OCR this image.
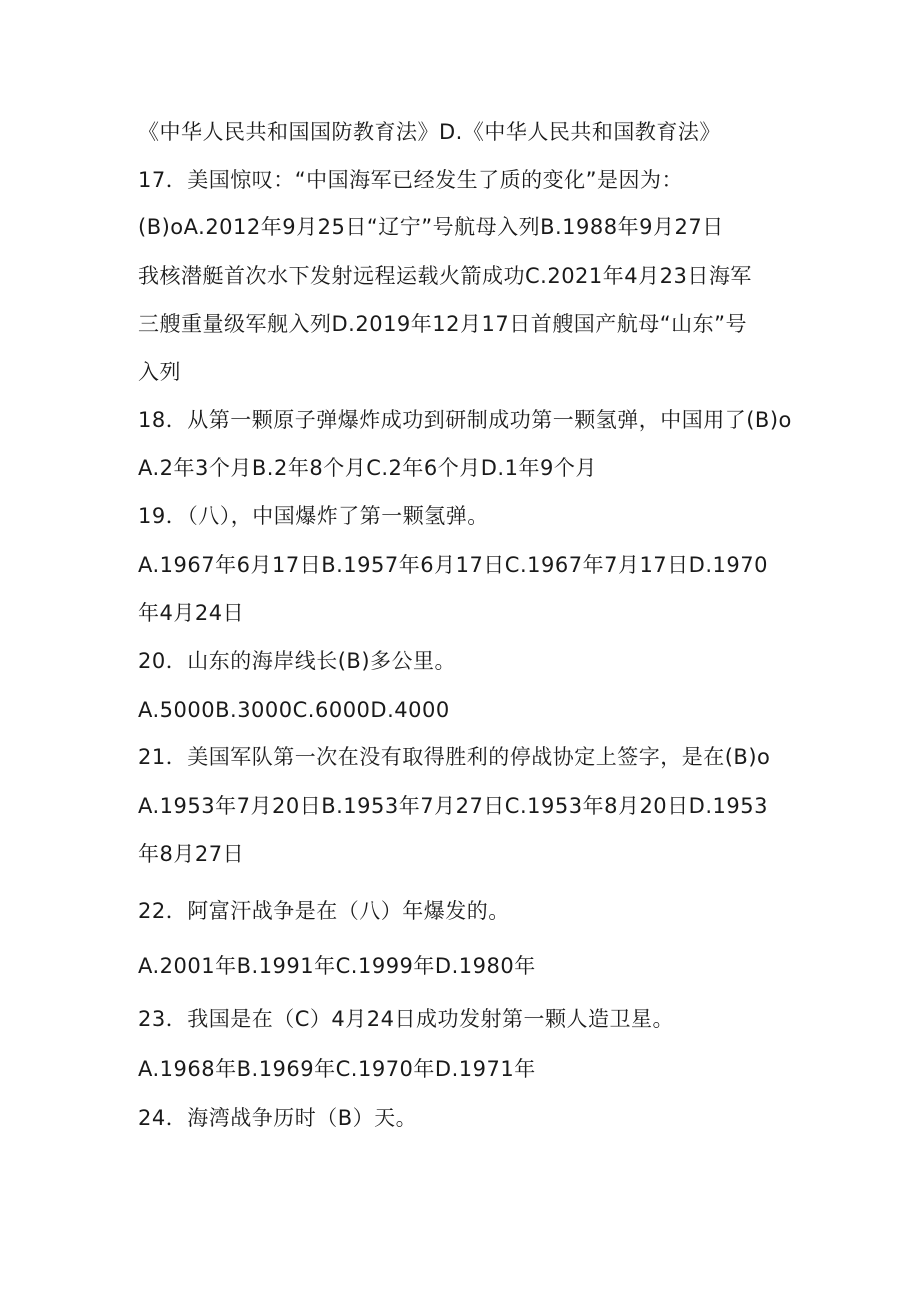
《中华人民共和国国防教育法》D.《中华人民共和国教育法》
17．美国惊叹：“中国海军已经发生了质的变化”是因为：
(B)oA.2012年9月25日“辽宁”号航母入列B.1988年9月27日
我核潜艇首次水下发射远程运载火箭成功C.2021年4月23日海军
三艘重量级军舰入列D.2019年12月17日首艘国产航母“山东”号
入列
18．从第一颗原子弹爆炸成功到研制成功第一颗氢弹，中国用了(B)o
A.2年3个月B.2年8个月C.2年6个月D.1年9个月
19．（八），中国爆炸了第一颗氢弹。
A.1967年6月17日B.1957年6月17日C.1967年7月17日D.1970
年4月24日
20．山东的海岸线长(B)多公里。
A.5000B.3000C.6000D.4000
21．美国军队第一次在没有取得胜利的停战协定上签字，是在(B)o
A.1953年7月20日B.1953年7月27日C.1953年8月20日D.1953
年8月27日
22．阿富汗战争是在（八）年爆发的。
A.2001年B.1991年C.1999年D.1980年
23．我国是在（C）4月24日成功发射第一颗人造卫星。
A.1968年B.1969年C.1970年D.1971年
24．海湾战争历时（B）天。
